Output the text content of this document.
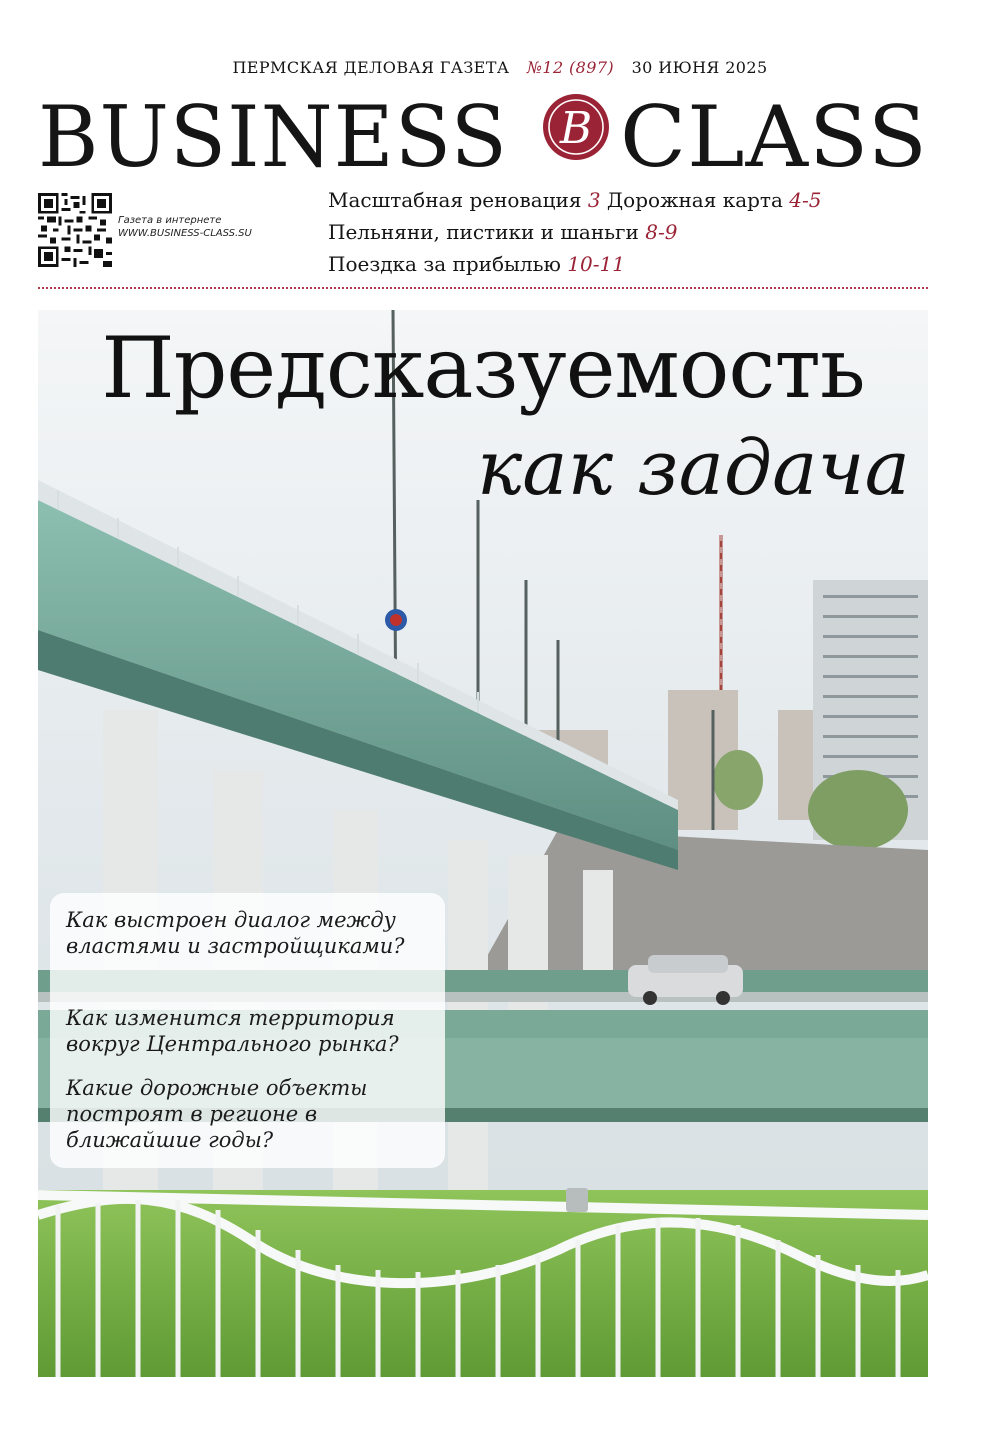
ПЕРМСКАЯ ДЕЛОВАЯ ГАЗЕТА №12 (897) 30 ИЮНЯ 2025
BUSINESS B CLASS
Газета в интернете
WWW.BUSINESS-CLASS.SU
Масштабная реновация 3 Дорожная карта 4-5
Пельняни, пистики и шаньги 8-9
Поездка за прибылью 10-11
Предсказуемость
как задача
Как выстроен диалог между властями и застройщиками?
Как изменится территория вокруг Центрального рынка?
Какие дорожные объекты построят в регионе в ближайшие годы?
